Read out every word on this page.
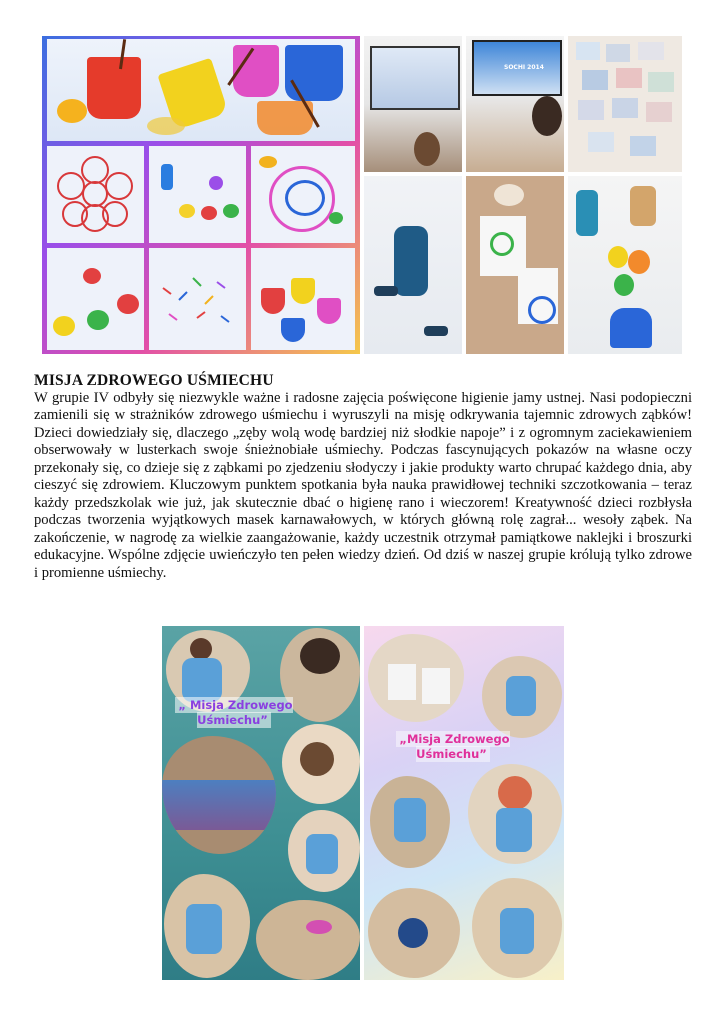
SOCHI 2014
MISJA ZDROWEGO UŚMIECHU

W grupie IV odbyły się niezwykle ważne i radosne zajęcia poświęcone higienie jamy ustnej. Nasi podopieczni zamienili się w strażników zdrowego uśmiechu i wyruszyli na misję odkrywania tajemnic zdrowych ząbków! Dzieci dowiedziały się, dlaczego „zęby wolą wodę bardziej niż słodkie napoje” i z ogromnym zaciekawieniem obserwowały w lusterkach swoje śnieżnobiałe uśmiechy. Podczas fascynujących pokazów na własne oczy przekonały się, co dzieje się z ząbkami po zjedzeniu słodyczy i jakie produkty warto chrupać każdego dnia, aby cieszyć się zdrowiem. Kluczowym punktem spotkania była nauka prawidłowej techniki szczotkowania – teraz każdy przedszkolak wie już, jak skutecznie dbać o higienę rano i wieczorem! Kreatywność dzieci rozbłysła podczas tworzenia wyjątkowych masek karnawałowych, w których główną rolę zagrał... wesoły ząbek. Na zakończenie, w nagrodę za wielkie zaangażowanie, każdy uczestnik otrzymał pamiątkowe naklejki i broszurki edukacyjne. Wspólne zdjęcie uwieńczyło ten pełen wiedzy dzień. Od dziś w naszej grupie królują tylko zdrowe i promienne uśmiechy.

„ Misja Zdrowego Uśmiechu”
„Misja Zdrowego Uśmiechu”
